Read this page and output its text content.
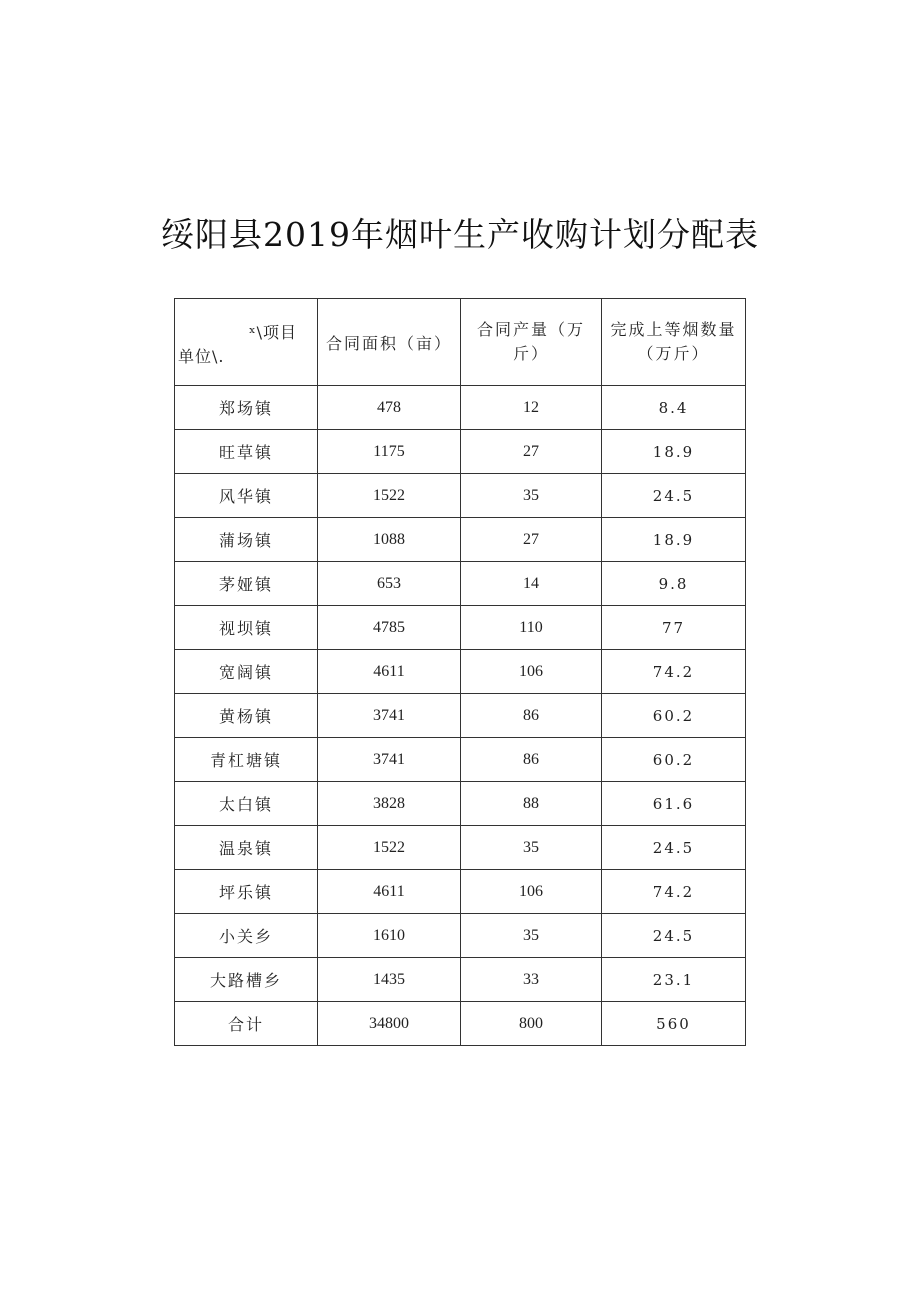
绥阳县2019年烟叶生产收购计划分配表
ˣ\项目
单位\.	合同面积（亩）	合同产量（万斤）	完成上等烟数量（万斤）
郑场镇	478	12	8.4
旺草镇	1175	27	18.9
风华镇	1522	35	24.5
蒲场镇	1088	27	18.9
茅娅镇	653	14	9.8
视坝镇	4785	110	77
宽阔镇	4611	106	74.2
黄杨镇	3741	86	60.2
青杠塘镇	3741	86	60.2
太白镇	3828	88	61.6
温泉镇	1522	35	24.5
坪乐镇	4611	106	74.2
小关乡	1610	35	24.5
大路槽乡	1435	33	23.1
合计	34800	800	560
